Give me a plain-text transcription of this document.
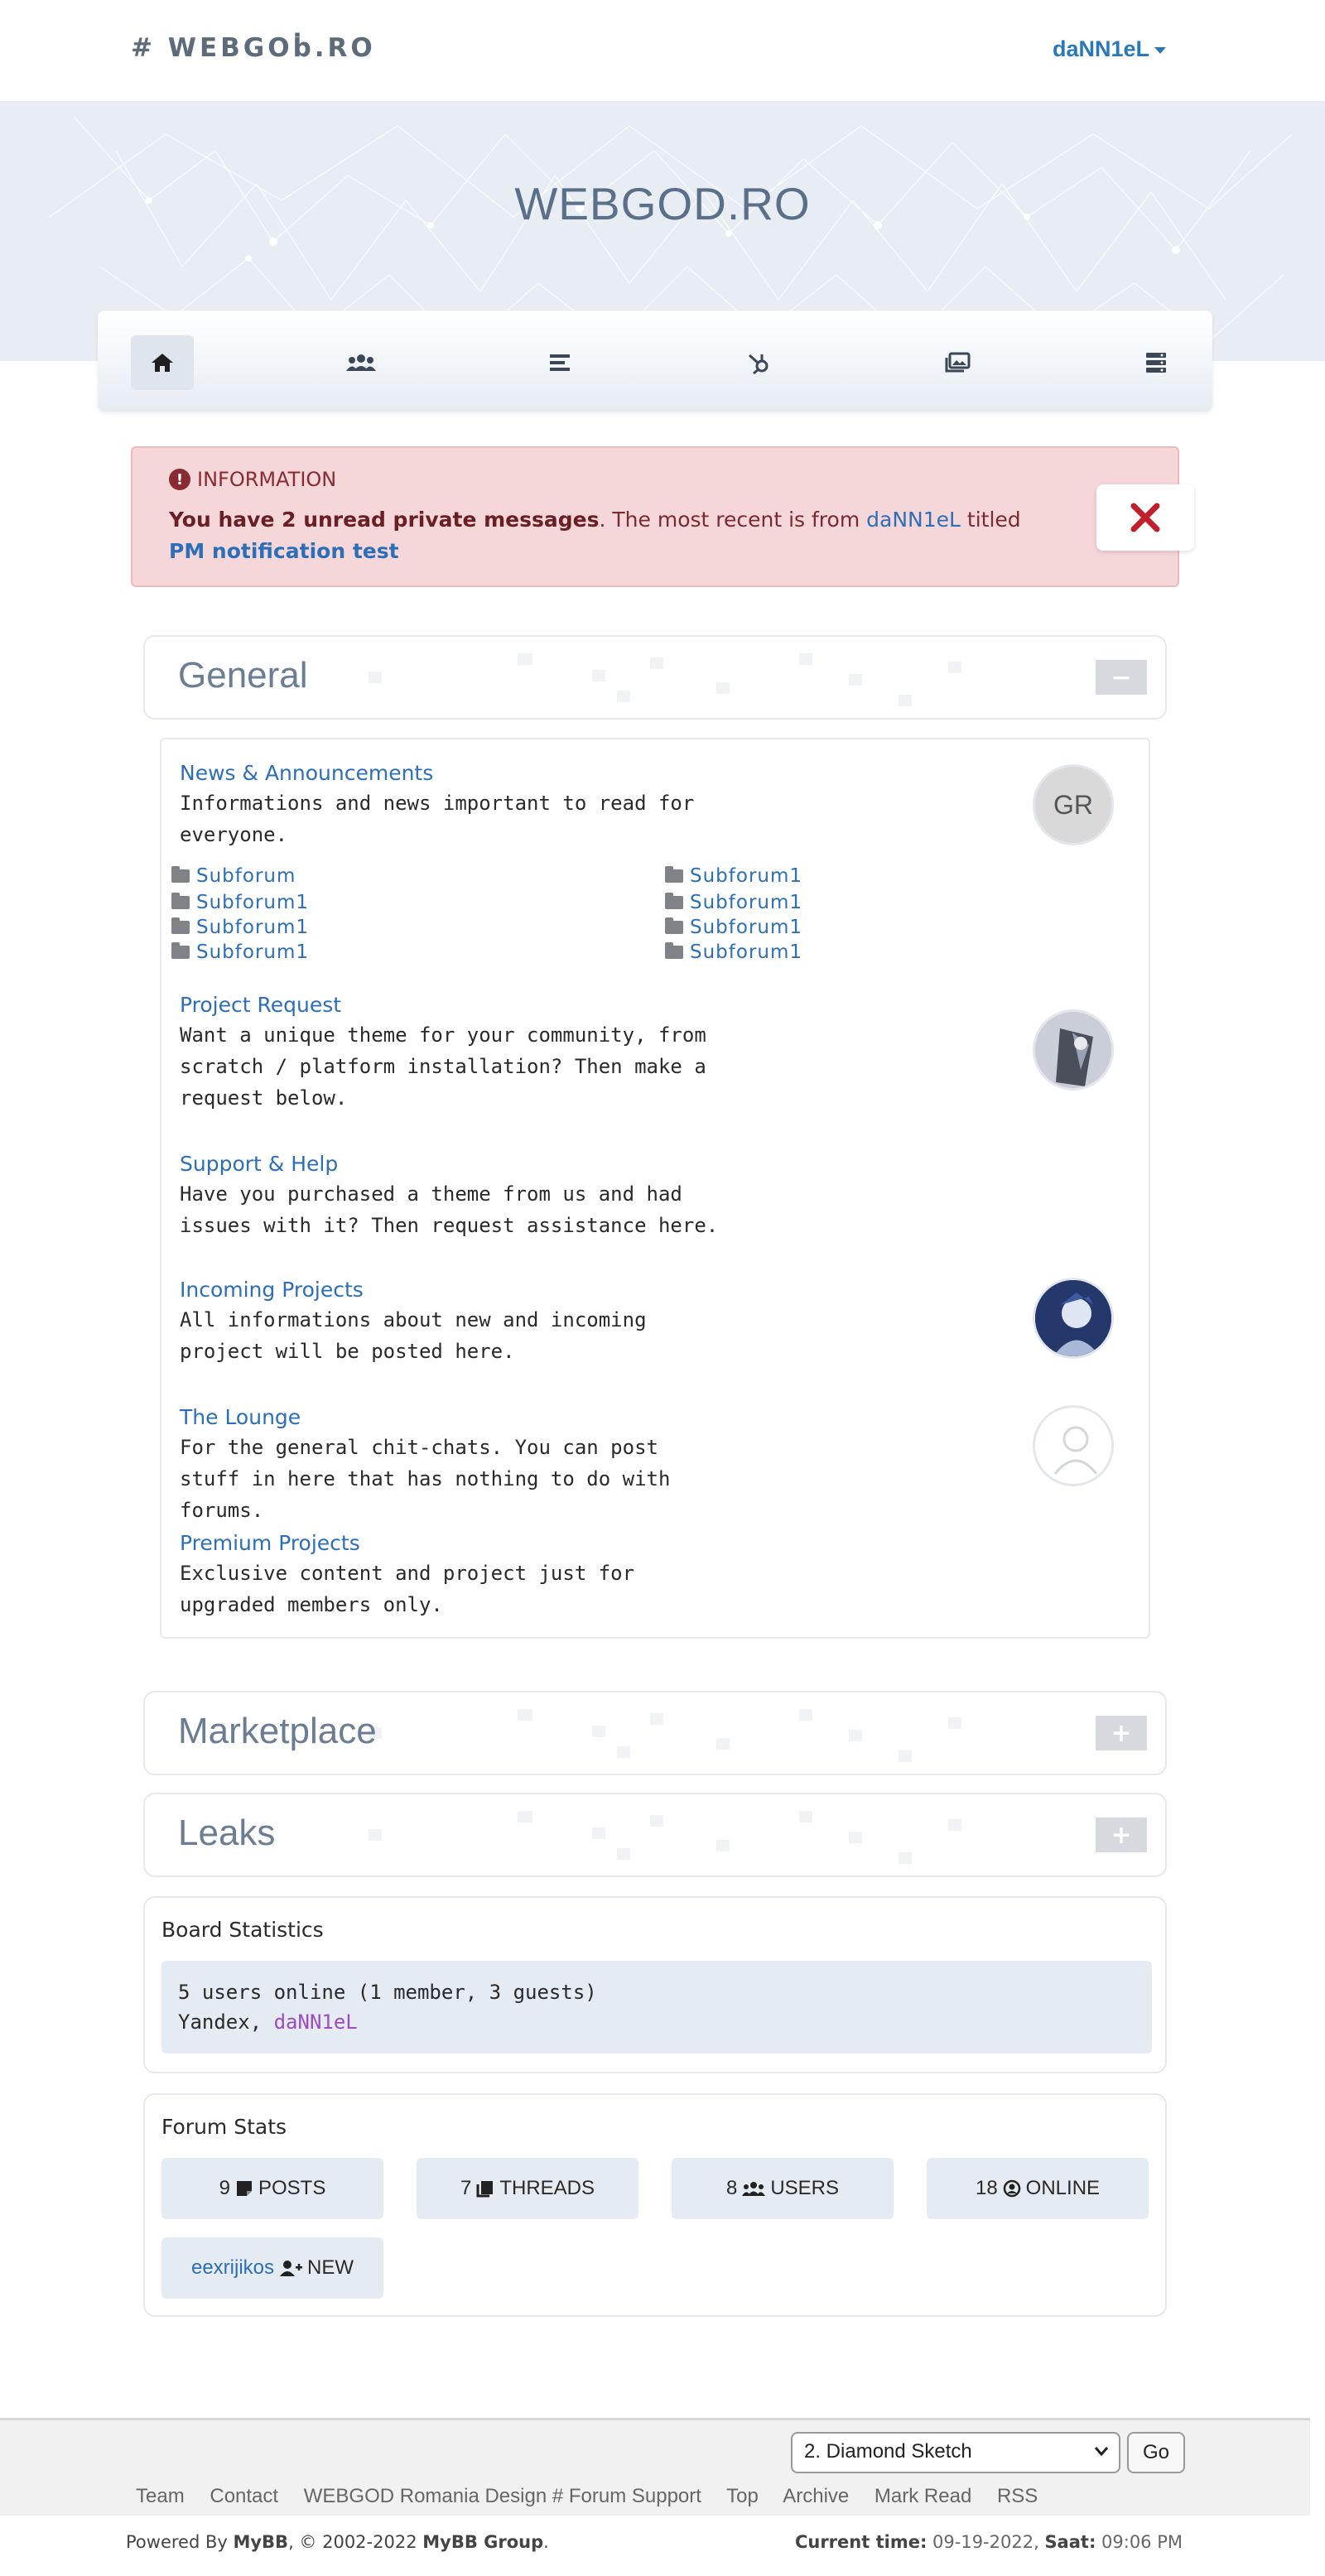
# WEBGOḃ.RO	daNN1eL
WEBGOD.RO
! INFORMATION
You have 2 unread private messages. The most recent is from daNN1eL titled PM notification test
General	−
News & Announcements
Informations and news important to read for everyone.
GR
Subforum	Subforum1
Subforum1	Subforum1
Subforum1	Subforum1
Subforum1	Subforum1
Project Request
Want a unique theme for your community, from scratch / platform installation? Then make a request below.
Support & Help
Have you purchased a theme from us and had issues with it? Then request assistance here.
Incoming Projects
All informations about new and incoming project will be posted here.
The Lounge
For the general chit-chats. You can post stuff in here that has nothing to do with forums.
Premium Projects
Exclusive content and project just for upgraded members only.
Marketplace	+
Leaks	+
Board Statistics
5 users online (1 member, 3 guests)
Yandex, daNN1eL
Forum Stats
9 POSTS	7 THREADS	8 USERS	18 ONLINE
eexrijikos NEW
2. Diamond Sketch	Go
Team Contact WEBGOD Romania Design # Forum Support Top Archive Mark Read RSS
Powered By MyBB, © 2002-2022 MyBB Group.	Current time: 09-19-2022, Saat: 09:06 PM
